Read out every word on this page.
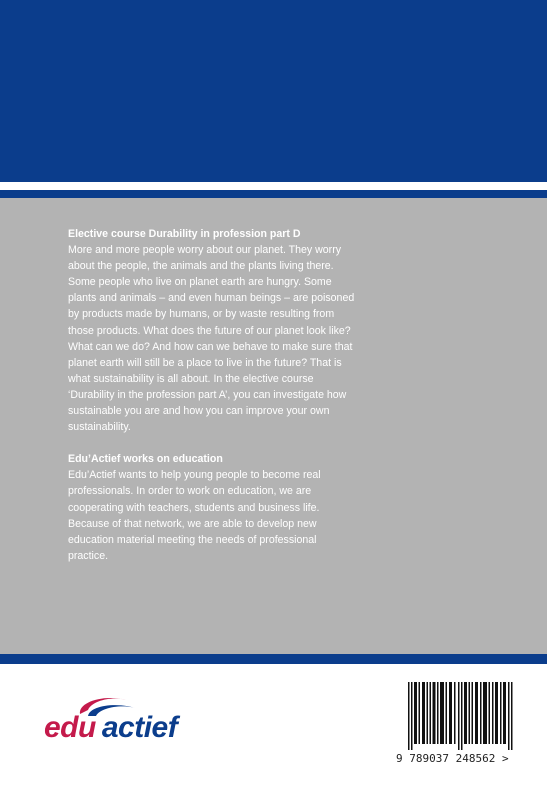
Elective course Durability in profession part D

More and more people worry about our planet. They worry about the people, the animals and the plants living there. Some people who live on planet earth are hungry. Some plants and animals – and even human beings – are poisoned by products made by humans, or by waste resulting from those products. What does the future of our planet look like? What can we do? And how can we behave to make sure that planet earth will still be a place to live in the future? That is what sustainability is all about. In the elective course ‘Durability in the profession part A’, you can investigate how sustainable you are and how you can improve your own sustainability.

Edu’Actief works on education

Edu’Actief wants to help young people to become real professionals. In order to work on education, we are cooperating with teachers, students and business life. Because of that network, we are able to develop new education material meeting the needs of professional practice.

edu actief
9 789037 248562 >
